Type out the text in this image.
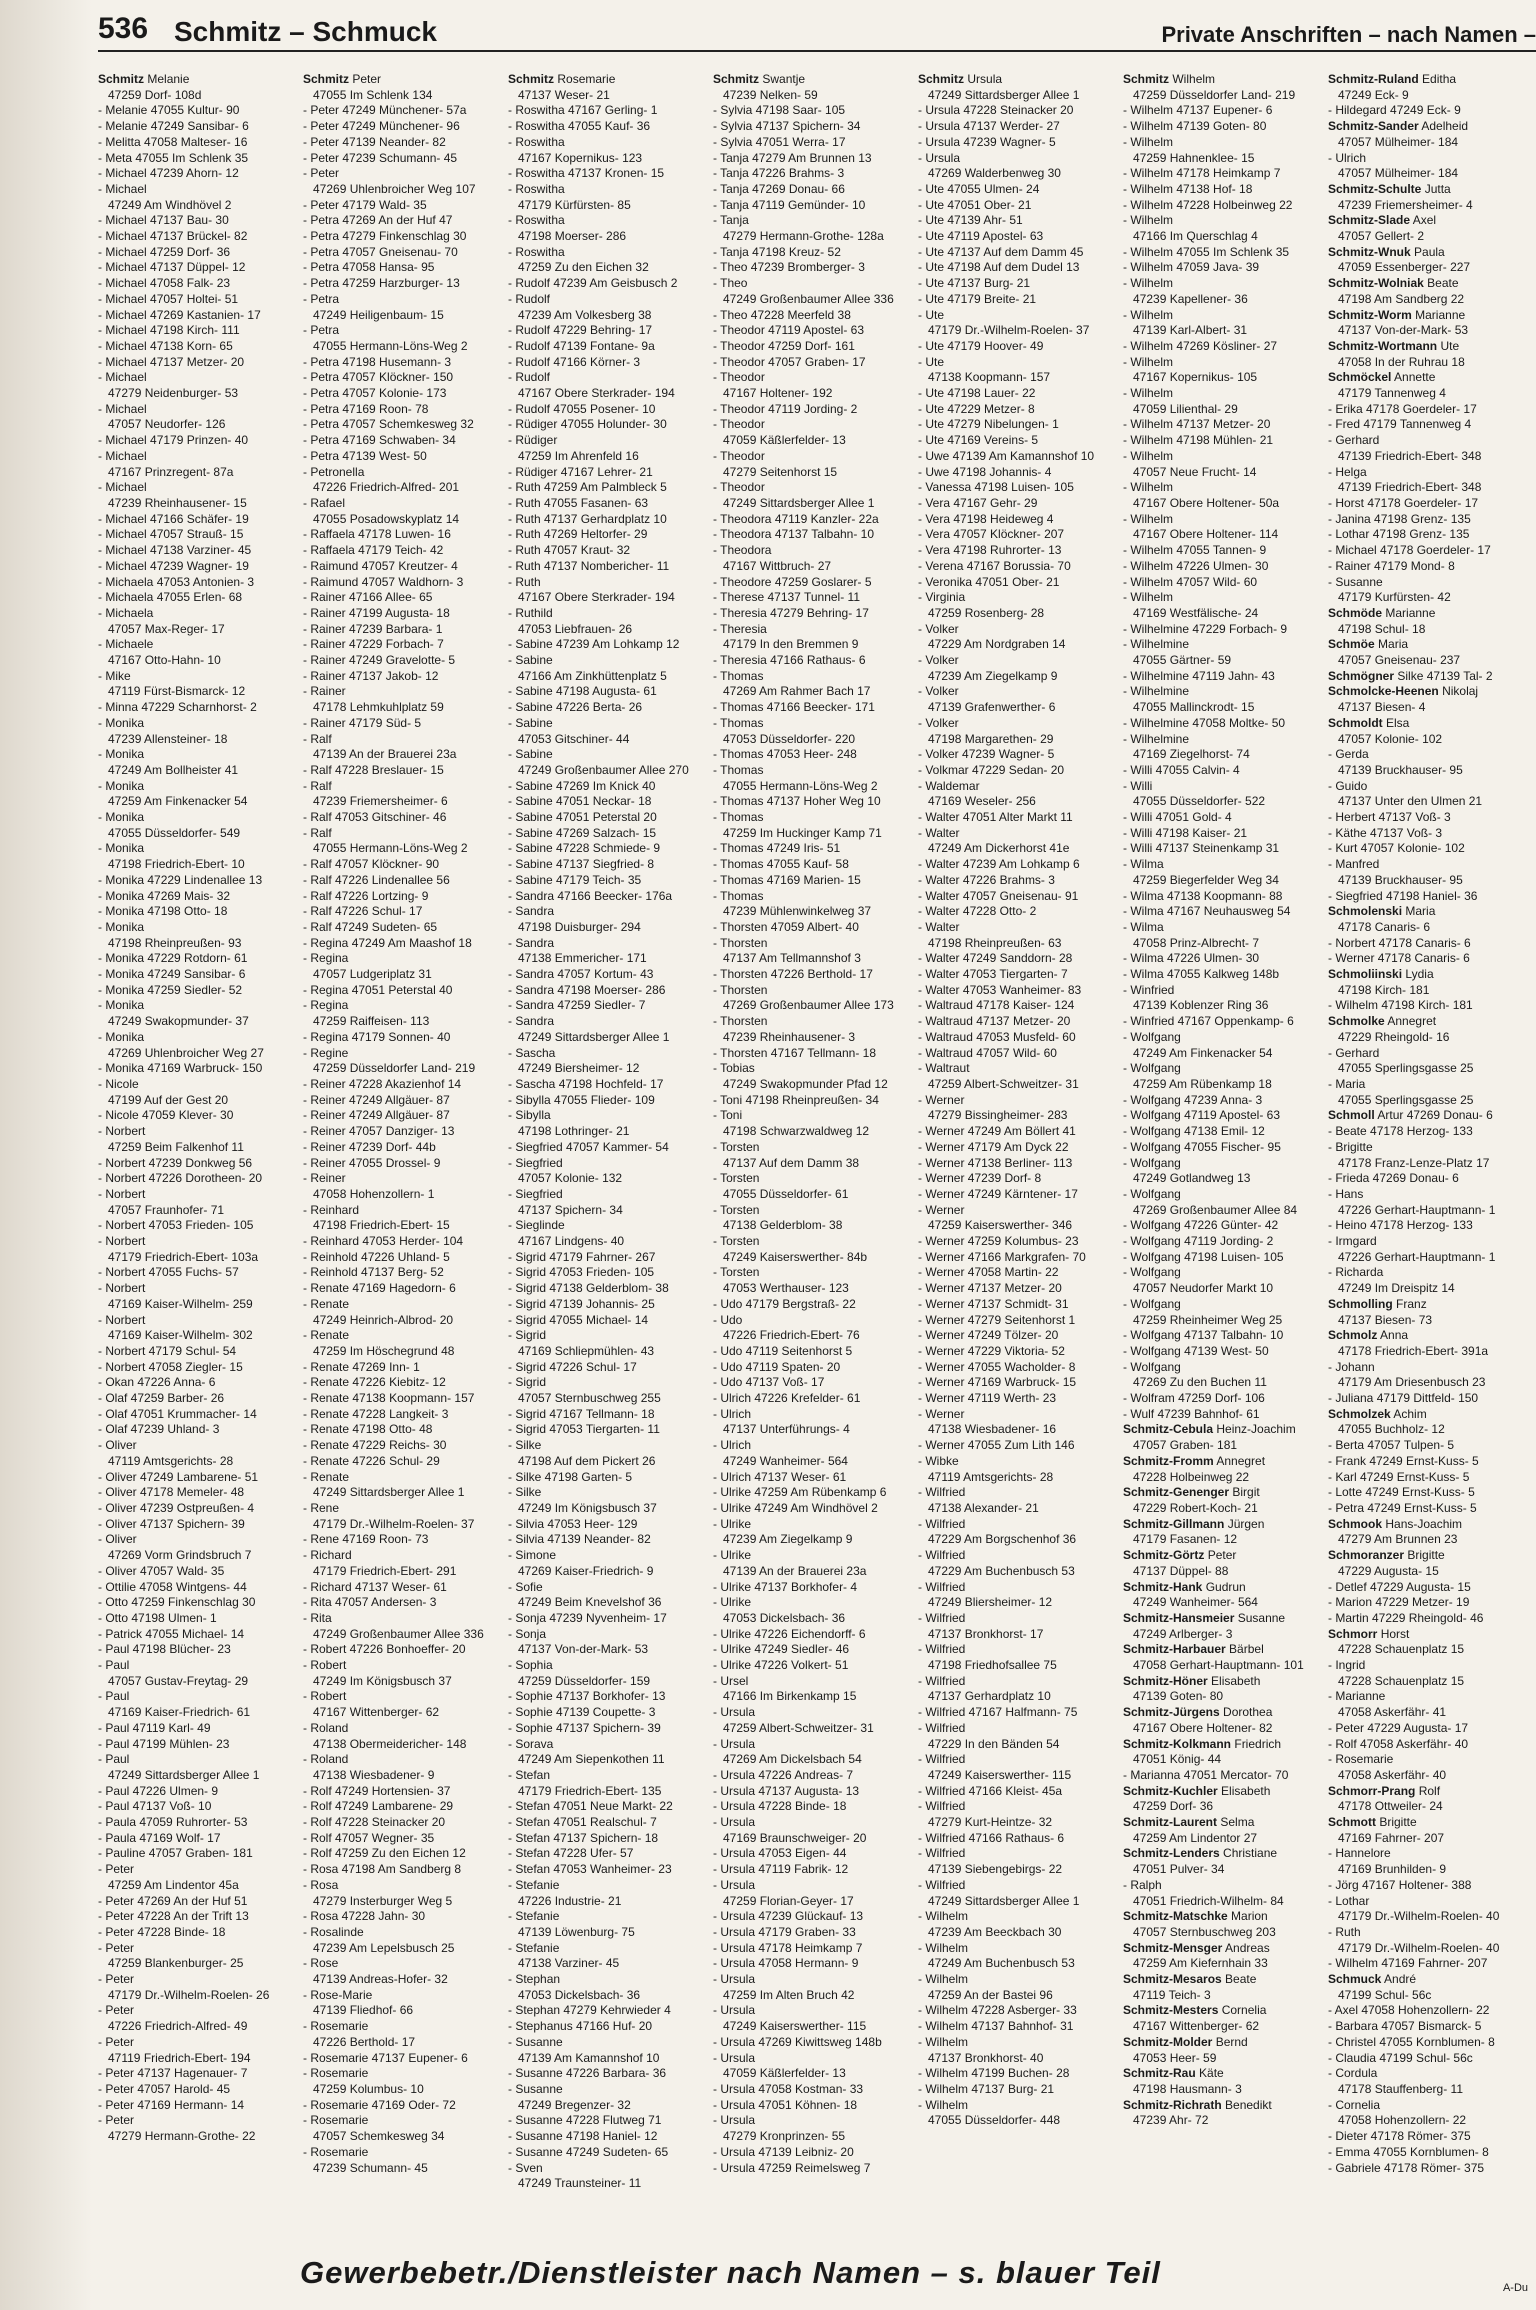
536 Schmitz – Schmuck	Private Anschriften – nach Namen –
Schmitz Melanie
47259 Dorf- 108d
- Melanie 47055 Kultur- 90
- Melanie 47249 Sansibar- 6
- Melitta 47058 Malteser- 16
- Meta 47055 Im Schlenk 35
- Michael 47239 Ahorn- 12
- Michael
47249 Am Windhövel 2
- Michael 47137 Bau- 30
- Michael 47137 Brückel- 82
- Michael 47259 Dorf- 36
- Michael 47137 Düppel- 12
- Michael 47058 Falk- 23
- Michael 47057 Holtei- 51
- Michael 47269 Kastanien- 17
- Michael 47198 Kirch- 111
- Michael 47138 Korn- 65
- Michael 47137 Metzer- 20
- Michael
47279 Neidenburger- 53
- Michael
47057 Neudorfer- 126
- Michael 47179 Prinzen- 40
- Michael
47167 Prinzregent- 87a
- Michael
47239 Rheinhausener- 15
- Michael 47166 Schäfer- 19
- Michael 47057 Strauß- 15
- Michael 47138 Varziner- 45
- Michael 47239 Wagner- 19
- Michaela 47053 Antonien- 3
- Michaela 47055 Erlen- 68
- Michaela
47057 Max-Reger- 17
- Michaele
47167 Otto-Hahn- 10
- Mike
47119 Fürst-Bismarck- 12
- Minna 47229 Scharnhorst- 2
- Monika
47239 Allensteiner- 18
- Monika
47249 Am Bollheister 41
- Monika
47259 Am Finkenacker 54
- Monika
47055 Düsseldorfer- 549
- Monika
47198 Friedrich-Ebert- 10
- Monika 47229 Lindenallee 13
- Monika 47269 Mais- 32
- Monika 47198 Otto- 18
- Monika
47198 Rheinpreußen- 93
- Monika 47229 Rotdorn- 61
- Monika 47249 Sansibar- 6
- Monika 47259 Siedler- 52
- Monika
47249 Swakopmunder- 37
- Monika
47269 Uhlenbroicher Weg 27
- Monika 47169 Warbruck- 150
- Nicole
47199 Auf der Gest 20
- Nicole 47059 Klever- 30
- Norbert
47259 Beim Falkenhof 11
- Norbert 47239 Donkweg 56
- Norbert 47226 Dorotheen- 20
- Norbert
47057 Fraunhofer- 71
- Norbert 47053 Frieden- 105
- Norbert
47179 Friedrich-Ebert- 103a
- Norbert 47055 Fuchs- 57
- Norbert
47169 Kaiser-Wilhelm- 259
- Norbert
47169 Kaiser-Wilhelm- 302
- Norbert 47179 Schul- 54
- Norbert 47058 Ziegler- 15
- Okan 47226 Anna- 6
- Olaf 47259 Barber- 26
- Olaf 47051 Krummacher- 14
- Olaf 47239 Uhland- 3
- Oliver
47119 Amtsgerichts- 28
- Oliver 47249 Lambarene- 51
- Oliver 47178 Memeler- 48
- Oliver 47239 Ostpreußen- 4
- Oliver 47137 Spichern- 39
- Oliver
47269 Vorm Grindsbruch 7
- Oliver 47057 Wald- 35
- Ottilie 47058 Wintgens- 44
- Otto 47259 Finkenschlag 30
- Otto 47198 Ulmen- 1
- Patrick 47055 Michael- 14
- Paul 47198 Blücher- 23
- Paul
47057 Gustav-Freytag- 29
- Paul
47169 Kaiser-Friedrich- 61
- Paul 47119 Karl- 49
- Paul 47199 Mühlen- 23
- Paul
47249 Sittardsberger Allee 1
- Paul 47226 Ulmen- 9
- Paul 47137 Voß- 10
- Paula 47059 Ruhrorter- 53
- Paula 47169 Wolf- 17
- Pauline 47057 Graben- 181
- Peter
47259 Am Lindentor 45a
- Peter 47269 An der Huf 51
- Peter 47228 An der Trift 13
- Peter 47228 Binde- 18
- Peter
47259 Blankenburger- 25
- Peter
47179 Dr.-Wilhelm-Roelen- 26
- Peter
47226 Friedrich-Alfred- 49
- Peter
47119 Friedrich-Ebert- 194
- Peter 47137 Hagenauer- 7
- Peter 47057 Harold- 45
- Peter 47169 Hermann- 14
- Peter
47279 Hermann-Grothe- 22
Schmitz Peter
47055 Im Schlenk 134
- Peter 47249 Münchener- 57a
- Peter 47249 Münchener- 96
- Peter 47139 Neander- 82
- Peter 47239 Schumann- 45
- Peter
47269 Uhlenbroicher Weg 107
- Peter 47179 Wald- 35
- Petra 47269 An der Huf 47
- Petra 47279 Finkenschlag 30
- Petra 47057 Gneisenau- 70
- Petra 47058 Hansa- 95
- Petra 47259 Harzburger- 13
- Petra
47249 Heiligenbaum- 15
- Petra
47055 Hermann-Löns-Weg 2
- Petra 47198 Husemann- 3
- Petra 47057 Klöckner- 150
- Petra 47057 Kolonie- 173
- Petra 47169 Roon- 78
- Petra 47057 Schemkesweg 32
- Petra 47169 Schwaben- 34
- Petra 47139 West- 50
- Petronella
47226 Friedrich-Alfred- 201
- Rafael
47055 Posadowskyplatz 14
- Raffaela 47178 Luwen- 16
- Raffaela 47179 Teich- 42
- Raimund 47057 Kreutzer- 4
- Raimund 47057 Waldhorn- 3
- Rainer 47166 Allee- 65
- Rainer 47199 Augusta- 18
- Rainer 47239 Barbara- 1
- Rainer 47229 Forbach- 7
- Rainer 47249 Gravelotte- 5
- Rainer 47137 Jakob- 12
- Rainer
47178 Lehmkuhlplatz 59
- Rainer 47179 Süd- 5
- Ralf
47139 An der Brauerei 23a
- Ralf 47228 Breslauer- 15
- Ralf
47239 Friemersheimer- 6
- Ralf 47053 Gitschiner- 46
- Ralf
47055 Hermann-Löns-Weg 2
- Ralf 47057 Klöckner- 90
- Ralf 47226 Lindenallee 56
- Ralf 47226 Lortzing- 9
- Ralf 47226 Schul- 17
- Ralf 47249 Sudeten- 65
- Regina 47249 Am Maashof 18
- Regina
47057 Ludgeriplatz 31
- Regina 47051 Peterstal 40
- Regina
47259 Raiffeisen- 113
- Regina 47179 Sonnen- 40
- Regine
47259 Düsseldorfer Land- 219
- Reiner 47228 Akazienhof 14
- Reiner 47249 Allgäuer- 87
- Reiner 47249 Allgäuer- 87
- Reiner 47057 Danziger- 13
- Reiner 47239 Dorf- 44b
- Reiner 47055 Drossel- 9
- Reiner
47058 Hohenzollern- 1
- Reinhard
47198 Friedrich-Ebert- 15
- Reinhard 47053 Herder- 104
- Reinhold 47226 Uhland- 5
- Reinhold 47137 Berg- 52
- Renate 47169 Hagedorn- 6
- Renate
47249 Heinrich-Albrod- 20
- Renate
47259 Im Höschegrund 48
- Renate 47269 Inn- 1
- Renate 47226 Kiebitz- 12
- Renate 47138 Koopmann- 157
- Renate 47228 Langkeit- 3
- Renate 47198 Otto- 48
- Renate 47229 Reichs- 30
- Renate 47226 Schul- 29
- Renate
47249 Sittardsberger Allee 1
- Rene
47179 Dr.-Wilhelm-Roelen- 37
- Rene 47169 Roon- 73
- Richard
47179 Friedrich-Ebert- 291
- Richard 47137 Weser- 61
- Rita 47057 Andersen- 3
- Rita
47249 Großenbaumer Allee 336
- Robert 47226 Bonhoeffer- 20
- Robert
47249 Im Königsbusch 37
- Robert
47167 Wittenberger- 62
- Roland
47138 Obermeidericher- 148
- Roland
47138 Wiesbadener- 9
- Rolf 47249 Hortensien- 37
- Rolf 47249 Lambarene- 29
- Rolf 47228 Steinacker 20
- Rolf 47057 Wegner- 35
- Rolf 47259 Zu den Eichen 12
- Rosa 47198 Am Sandberg 8
- Rosa
47279 Insterburger Weg 5
- Rosa 47228 Jahn- 30
- Rosalinde
47239 Am Lepelsbusch 25
- Rose
47139 Andreas-Hofer- 32
- Rose-Marie
47139 Fliedhof- 66
- Rosemarie
47226 Berthold- 17
- Rosemarie 47137 Eupener- 6
- Rosemarie
47259 Kolumbus- 10
- Rosemarie 47169 Oder- 72
- Rosemarie
47057 Schemkesweg 34
- Rosemarie
47239 Schumann- 45
Schmitz Rosemarie
47137 Weser- 21
- Roswitha 47167 Gerling- 1
- Roswitha 47055 Kauf- 36
- Roswitha
47167 Kopernikus- 123
- Roswitha 47137 Kronen- 15
- Roswitha
47179 Kürfürsten- 85
- Roswitha
47198 Moerser- 286
- Roswitha
47259 Zu den Eichen 32
- Rudolf 47239 Am Geisbusch 2
- Rudolf
47239 Am Volkesberg 38
- Rudolf 47229 Behring- 17
- Rudolf 47139 Fontane- 9a
- Rudolf 47166 Körner- 3
- Rudolf
47167 Obere Sterkrader- 194
- Rudolf 47055 Posener- 10
- Rüdiger 47055 Holunder- 30
- Rüdiger
47259 Im Ahrenfeld 16
- Rüdiger 47167 Lehrer- 21
- Ruth 47259 Am Palmbleck 5
- Ruth 47055 Fasanen- 63
- Ruth 47137 Gerhardplatz 10
- Ruth 47269 Heltorfer- 29
- Ruth 47057 Kraut- 32
- Ruth 47137 Nombericher- 11
- Ruth
47167 Obere Sterkrader- 194
- Ruthild
47053 Liebfrauen- 26
- Sabine 47239 Am Lohkamp 12
- Sabine
47166 Am Zinkhüttenplatz 5
- Sabine 47198 Augusta- 61
- Sabine 47226 Berta- 26
- Sabine
47053 Gitschiner- 44
- Sabine
47249 Großenbaumer Allee 270
- Sabine 47269 Im Knick 40
- Sabine 47051 Neckar- 18
- Sabine 47051 Peterstal 20
- Sabine 47269 Salzach- 15
- Sabine 47228 Schmiede- 9
- Sabine 47137 Siegfried- 8
- Sabine 47179 Teich- 35
- Sandra 47166 Beecker- 176a
- Sandra
47198 Duisburger- 294
- Sandra
47138 Emmericher- 171
- Sandra 47057 Kortum- 43
- Sandra 47198 Moerser- 286
- Sandra 47259 Siedler- 7
- Sandra
47249 Sittardsberger Allee 1
- Sascha
47249 Biersheimer- 12
- Sascha 47198 Hochfeld- 17
- Sibylla 47055 Flieder- 109
- Sibylla
47198 Lothringer- 21
- Siegfried 47057 Kammer- 54
- Siegfried
47057 Kolonie- 132
- Siegfried
47137 Spichern- 34
- Sieglinde
47167 Lindgens- 40
- Sigrid 47179 Fahrner- 267
- Sigrid 47053 Frieden- 105
- Sigrid 47138 Gelderblom- 38
- Sigrid 47139 Johannis- 25
- Sigrid 47055 Michael- 14
- Sigrid
47169 Schliepmühlen- 43
- Sigrid 47226 Schul- 17
- Sigrid
47057 Sternbuschweg 255
- Sigrid 47167 Tellmann- 18
- Sigrid 47053 Tiergarten- 11
- Silke
47198 Auf dem Pickert 26
- Silke 47198 Garten- 5
- Silke
47249 Im Königsbusch 37
- Silvia 47053 Heer- 129
- Silvia 47139 Neander- 82
- Simone
47269 Kaiser-Friedrich- 9
- Sofie
47249 Beim Knevelshof 36
- Sonja 47239 Nyvenheim- 17
- Sonja
47137 Von-der-Mark- 53
- Sophia
47259 Düsseldorfer- 159
- Sophie 47137 Borkhofer- 13
- Sophie 47139 Coupette- 3
- Sophie 47137 Spichern- 39
- Sorava
47249 Am Siepenkothen 11
- Stefan
47179 Friedrich-Ebert- 135
- Stefan 47051 Neue Markt- 22
- Stefan 47051 Realschul- 7
- Stefan 47137 Spichern- 18
- Stefan 47228 Ufer- 57
- Stefan 47053 Wanheimer- 23
- Stefanie
47226 Industrie- 21
- Stefanie
47139 Löwenburg- 75
- Stefanie
47138 Varziner- 45
- Stephan
47053 Dickelsbach- 36
- Stephan 47279 Kehrwieder 4
- Stephanus 47166 Huf- 20
- Susanne
47139 Am Kamannshof 10
- Susanne 47226 Barbara- 36
- Susanne
47249 Bregenzer- 32
- Susanne 47228 Flutweg 71
- Susanne 47198 Haniel- 12
- Susanne 47249 Sudeten- 65
- Sven
47249 Traunsteiner- 11
Schmitz Swantje
47239 Nelken- 59
- Sylvia 47198 Saar- 105
- Sylvia 47137 Spichern- 34
- Sylvia 47051 Werra- 17
- Tanja 47279 Am Brunnen 13
- Tanja 47226 Brahms- 3
- Tanja 47269 Donau- 66
- Tanja 47119 Gemünder- 10
- Tanja
47279 Hermann-Grothe- 128a
- Tanja 47198 Kreuz- 52
- Theo 47239 Bromberger- 3
- Theo
47249 Großenbaumer Allee 336
- Theo 47228 Meerfeld 38
- Theodor 47119 Apostel- 63
- Theodor 47259 Dorf- 161
- Theodor 47057 Graben- 17
- Theodor
47167 Holtener- 192
- Theodor 47119 Jording- 2
- Theodor
47059 Käßlerfelder- 13
- Theodor
47279 Seitenhorst 15
- Theodor
47249 Sittardsberger Allee 1
- Theodora 47119 Kanzler- 22a
- Theodora 47137 Talbahn- 10
- Theodora
47167 Wittbruch- 27
- Theodore 47259 Goslarer- 5
- Therese 47137 Tunnel- 11
- Theresia 47279 Behring- 17
- Theresia
47179 In den Bremmen 9
- Theresia 47166 Rathaus- 6
- Thomas
47269 Am Rahmer Bach 17
- Thomas 47166 Beecker- 171
- Thomas
47053 Düsseldorfer- 220
- Thomas 47053 Heer- 248
- Thomas
47055 Hermann-Löns-Weg 2
- Thomas 47137 Hoher Weg 10
- Thomas
47259 Im Huckinger Kamp 71
- Thomas 47249 Iris- 51
- Thomas 47055 Kauf- 58
- Thomas 47169 Marien- 15
- Thomas
47239 Mühlenwinkelweg 37
- Thorsten 47059 Albert- 40
- Thorsten
47137 Am Tellmannshof 3
- Thorsten 47226 Berthold- 17
- Thorsten
47269 Großenbaumer Allee 173
- Thorsten
47239 Rheinhausener- 3
- Thorsten 47167 Tellmann- 18
- Tobias
47249 Swakopmunder Pfad 12
- Toni 47198 Rheinpreußen- 34
- Toni
47198 Schwarzwaldweg 12
- Torsten
47137 Auf dem Damm 38
- Torsten
47055 Düsseldorfer- 61
- Torsten
47138 Gelderblom- 38
- Torsten
47249 Kaiserswerther- 84b
- Torsten
47053 Werthauser- 123
- Udo 47179 Bergstraß- 22
- Udo
47226 Friedrich-Ebert- 76
- Udo 47119 Seitenhorst 5
- Udo 47119 Spaten- 20
- Udo 47137 Voß- 17
- Ulrich 47226 Krefelder- 61
- Ulrich
47137 Unterführungs- 4
- Ulrich
47249 Wanheimer- 564
- Ulrich 47137 Weser- 61
- Ulrike 47259 Am Rübenkamp 6
- Ulrike 47249 Am Windhövel 2
- Ulrike
47239 Am Ziegelkamp 9
- Ulrike
47139 An der Brauerei 23a
- Ulrike 47137 Borkhofer- 4
- Ulrike
47053 Dickelsbach- 36
- Ulrike 47226 Eichendorff- 6
- Ulrike 47249 Siedler- 46
- Ulrike 47226 Volkert- 51
- Ursel
47166 Im Birkenkamp 15
- Ursula
47259 Albert-Schweitzer- 31
- Ursula
47269 Am Dickelsbach 54
- Ursula 47226 Andreas- 7
- Ursula 47137 Augusta- 13
- Ursula 47228 Binde- 18
- Ursula
47169 Braunschweiger- 20
- Ursula 47053 Eigen- 44
- Ursula 47119 Fabrik- 12
- Ursula
47259 Florian-Geyer- 17
- Ursula 47239 Glückauf- 13
- Ursula 47179 Graben- 33
- Ursula 47178 Heimkamp 7
- Ursula 47058 Hermann- 9
- Ursula
47259 Im Alten Bruch 42
- Ursula
47249 Kaiserswerther- 115
- Ursula 47269 Kiwittsweg 148b
- Ursula
47059 Käßlerfelder- 13
- Ursula 47058 Kostman- 33
- Ursula 47051 Köhnen- 18
- Ursula
47279 Kronprinzen- 55
- Ursula 47139 Leibniz- 20
- Ursula 47259 Reimelsweg 7
Schmitz Ursula
47249 Sittardsberger Allee 1
- Ursula 47228 Steinacker 20
- Ursula 47137 Werder- 27
- Ursula 47239 Wagner- 5
- Ursula
47269 Walderbenweg 30
- Ute 47055 Ulmen- 24
- Ute 47051 Ober- 21
- Ute 47139 Ahr- 51
- Ute 47119 Apostel- 63
- Ute 47137 Auf dem Damm 45
- Ute 47198 Auf dem Dudel 13
- Ute 47137 Burg- 21
- Ute 47179 Breite- 21
- Ute
47179 Dr.-Wilhelm-Roelen- 37
- Ute 47179 Hoover- 49
- Ute
47138 Koopmann- 157
- Ute 47198 Lauer- 22
- Ute 47229 Metzer- 8
- Ute 47279 Nibelungen- 1
- Ute 47169 Vereins- 5
- Uwe 47139 Am Kamannshof 10
- Uwe 47198 Johannis- 4
- Vanessa 47198 Luisen- 105
- Vera 47167 Gehr- 29
- Vera 47198 Heideweg 4
- Vera 47057 Klöckner- 207
- Vera 47198 Ruhrorter- 13
- Verena 47167 Borussia- 70
- Veronika 47051 Ober- 21
- Virginia
47259 Rosenberg- 28
- Volker
47229 Am Nordgraben 14
- Volker
47239 Am Ziegelkamp 9
- Volker
47139 Grafenwerther- 6
- Volker
47198 Margarethen- 29
- Volker 47239 Wagner- 5
- Volkmar 47229 Sedan- 20
- Waldemar
47169 Weseler- 256
- Walter 47051 Alter Markt 11
- Walter
47249 Am Dickerhorst 41e
- Walter 47239 Am Lohkamp 6
- Walter 47226 Brahms- 3
- Walter 47057 Gneisenau- 91
- Walter 47228 Otto- 2
- Walter
47198 Rheinpreußen- 63
- Walter 47249 Sanddorn- 28
- Walter 47053 Tiergarten- 7
- Walter 47053 Wanheimer- 83
- Waltraud 47178 Kaiser- 124
- Waltraud 47137 Metzer- 20
- Waltraud 47053 Musfeld- 60
- Waltraud 47057 Wild- 60
- Waltraut
47259 Albert-Schweitzer- 31
- Werner
47279 Bissingheimer- 283
- Werner 47249 Am Böllert 41
- Werner 47179 Am Dyck 22
- Werner 47138 Berliner- 113
- Werner 47239 Dorf- 8
- Werner 47249 Kärntener- 17
- Werner
47259 Kaiserswerther- 346
- Werner 47259 Kolumbus- 23
- Werner 47166 Markgrafen- 70
- Werner 47058 Martin- 22
- Werner 47137 Metzer- 20
- Werner 47137 Schmidt- 31
- Werner 47279 Seitenhorst 1
- Werner 47249 Tölzer- 20
- Werner 47229 Viktoria- 52
- Werner 47055 Wacholder- 8
- Werner 47169 Warbruck- 15
- Werner 47119 Werth- 23
- Werner
47138 Wiesbadener- 16
- Werner 47055 Zum Lith 146
- Wibke
47119 Amtsgerichts- 28
- Wilfried
47138 Alexander- 21
- Wilfried
47229 Am Borgschenhof 36
- Wilfried
47229 Am Buchenbusch 53
- Wilfried
47249 Bliersheimer- 12
- Wilfried
47137 Bronkhorst- 17
- Wilfried
47198 Friedhofsallee 75
- Wilfried
47137 Gerhardplatz 10
- Wilfried 47167 Halfmann- 75
- Wilfried
47229 In den Bänden 54
- Wilfried
47249 Kaiserswerther- 115
- Wilfried 47166 Kleist- 45a
- Wilfried
47279 Kurt-Heintze- 32
- Wilfried 47166 Rathaus- 6
- Wilfried
47139 Siebengebirgs- 22
- Wilfried
47249 Sittardsberger Allee 1
- Wilhelm
47239 Am Beeckbach 30
- Wilhelm
47249 Am Buchenbusch 53
- Wilhelm
47259 An der Bastei 96
- Wilhelm 47228 Asberger- 33
- Wilhelm 47137 Bahnhof- 31
- Wilhelm
47137 Bronkhorst- 40
- Wilhelm 47199 Buchen- 28
- Wilhelm 47137 Burg- 21
- Wilhelm
47055 Düsseldorfer- 448
Schmitz Wilhelm
47259 Düsseldorfer Land- 219
- Wilhelm 47137 Eupener- 6
- Wilhelm 47139 Goten- 80
- Wilhelm
47259 Hahnenklee- 15
- Wilhelm 47178 Heimkamp 7
- Wilhelm 47138 Hof- 18
- Wilhelm 47228 Holbeinweg 22
- Wilhelm
47166 Im Querschlag 4
- Wilhelm 47055 Im Schlenk 35
- Wilhelm 47059 Java- 39
- Wilhelm
47239 Kapellener- 36
- Wilhelm
47139 Karl-Albert- 31
- Wilhelm 47269 Kösliner- 27
- Wilhelm
47167 Kopernikus- 105
- Wilhelm
47059 Lilienthal- 29
- Wilhelm 47137 Metzer- 20
- Wilhelm 47198 Mühlen- 21
- Wilhelm
47057 Neue Frucht- 14
- Wilhelm
47167 Obere Holtener- 50a
- Wilhelm
47167 Obere Holtener- 114
- Wilhelm 47055 Tannen- 9
- Wilhelm 47226 Ulmen- 30
- Wilhelm 47057 Wild- 60
- Wilhelm
47169 Westfälische- 24
- Wilhelmine 47229 Forbach- 9
- Wilhelmine
47055 Gärtner- 59
- Wilhelmine 47119 Jahn- 43
- Wilhelmine
47055 Mallinckrodt- 15
- Wilhelmine 47058 Moltke- 50
- Wilhelmine
47169 Ziegelhorst- 74
- Willi 47055 Calvin- 4
- Willi
47055 Düsseldorfer- 522
- Willi 47051 Gold- 4
- Willi 47198 Kaiser- 21
- Willi 47137 Steinenkamp 31
- Wilma
47259 Biegerfelder Weg 34
- Wilma 47138 Koopmann- 88
- Wilma 47167 Neuhausweg 54
- Wilma
47058 Prinz-Albrecht- 7
- Wilma 47226 Ulmen- 30
- Wilma 47055 Kalkweg 148b
- Winfried
47139 Koblenzer Ring 36
- Winfried 47167 Oppenkamp- 6
- Wolfgang
47249 Am Finkenacker 54
- Wolfgang
47259 Am Rübenkamp 18
- Wolfgang 47239 Anna- 3
- Wolfgang 47119 Apostel- 63
- Wolfgang 47138 Emil- 12
- Wolfgang 47055 Fischer- 95
- Wolfgang
47249 Gotlandweg 13
- Wolfgang
47269 Großenbaumer Allee 84
- Wolfgang 47226 Günter- 42
- Wolfgang 47119 Jording- 2
- Wolfgang 47198 Luisen- 105
- Wolfgang
47057 Neudorfer Markt 10
- Wolfgang
47259 Rheinheimer Weg 25
- Wolfgang 47137 Talbahn- 10
- Wolfgang 47139 West- 50
- Wolfgang
47269 Zu den Buchen 11
- Wolfram 47259 Dorf- 106
- Wulf 47239 Bahnhof- 61
Schmitz-Cebula Heinz-Joachim
47057 Graben- 181
Schmitz-Fromm Annegret
47228 Holbeinweg 22
Schmitz-Genenger Birgit
47229 Robert-Koch- 21
Schmitz-Gillmann Jürgen
47179 Fasanen- 12
Schmitz-Görtz Peter
47137 Düppel- 88
Schmitz-Hank Gudrun
47249 Wanheimer- 564
Schmitz-Hansmeier Susanne
47249 Arlberger- 3
Schmitz-Harbauer Bärbel
47058 Gerhart-Hauptmann- 101
Schmitz-Höner Elisabeth
47139 Goten- 80
Schmitz-Jürgens Dorothea
47167 Obere Holtener- 82
Schmitz-Kolkmann Friedrich
47051 König- 44
- Marianna 47051 Mercator- 70
Schmitz-Kuchler Elisabeth
47259 Dorf- 36
Schmitz-Laurent Selma
47259 Am Lindentor 27
Schmitz-Lenders Christiane
47051 Pulver- 34
- Ralph
47051 Friedrich-Wilhelm- 84
Schmitz-Matschke Marion
47057 Sternbuschweg 203
Schmitz-Mensger Andreas
47259 Am Kiefernhain 33
Schmitz-Mesaros Beate
47119 Teich- 3
Schmitz-Mesters Cornelia
47167 Wittenberger- 62
Schmitz-Molder Bernd
47053 Heer- 59
Schmitz-Rau Käte
47198 Hausmann- 3
Schmitz-Richrath Benedikt
47239 Ahr- 72
Schmitz-Ruland Editha
47249 Eck- 9
- Hildegard 47249 Eck- 9
Schmitz-Sander Adelheid
47057 Mülheimer- 184
- Ulrich
47057 Mülheimer- 184
Schmitz-Schulte Jutta
47239 Friemersheimer- 4
Schmitz-Slade Axel
47057 Gellert- 2
Schmitz-Wnuk Paula
47059 Essenberger- 227
Schmitz-Wolniak Beate
47198 Am Sandberg 22
Schmitz-Worm Marianne
47137 Von-der-Mark- 53
Schmitz-Wortmann Ute
47058 In der Ruhrau 18
Schmöckel Annette
47179 Tannenweg 4
- Erika 47178 Goerdeler- 17
- Fred 47179 Tannenweg 4
- Gerhard
47139 Friedrich-Ebert- 348
- Helga
47139 Friedrich-Ebert- 348
- Horst 47178 Goerdeler- 17
- Janina 47198 Grenz- 135
- Lothar 47198 Grenz- 135
- Michael 47178 Goerdeler- 17
- Rainer 47179 Mond- 8
- Susanne
47179 Kurfürsten- 42
Schmöde Marianne
47198 Schul- 18
Schmöe Maria
47057 Gneisenau- 237
Schmögner Silke 47139 Tal- 2
Schmolcke-Heenen Nikolaj
47137 Biesen- 4
Schmoldt Elsa
47057 Kolonie- 102
- Gerda
47139 Bruckhauser- 95
- Guido
47137 Unter den Ulmen 21
- Herbert 47137 Voß- 3
- Käthe 47137 Voß- 3
- Kurt 47057 Kolonie- 102
- Manfred
47139 Bruckhauser- 95
- Siegfried 47198 Haniel- 36
Schmolenski Maria
47178 Canaris- 6
- Norbert 47178 Canaris- 6
- Werner 47178 Canaris- 6
Schmoliinski Lydia
47198 Kirch- 181
- Wilhelm 47198 Kirch- 181
Schmolke Annegret
47229 Rheingold- 16
- Gerhard
47055 Sperlingsgasse 25
- Maria
47055 Sperlingsgasse 25
Schmoll Artur 47269 Donau- 6
- Beate 47178 Herzog- 133
- Brigitte
47178 Franz-Lenze-Platz 17
- Frieda 47269 Donau- 6
- Hans
47226 Gerhart-Hauptmann- 1
- Heino 47178 Herzog- 133
- Irmgard
47226 Gerhart-Hauptmann- 1
- Richarda
47249 Im Dreispitz 14
Schmolling Franz
47137 Biesen- 73
Schmolz Anna
47178 Friedrich-Ebert- 391a
- Johann
47179 Am Driesenbusch 23
- Juliana 47179 Dittfeld- 150
Schmolzek Achim
47055 Buchholz- 12
- Berta 47057 Tulpen- 5
- Frank 47249 Ernst-Kuss- 5
- Karl 47249 Ernst-Kuss- 5
- Lotte 47249 Ernst-Kuss- 5
- Petra 47249 Ernst-Kuss- 5
Schmook Hans-Joachim
47279 Am Brunnen 23
Schmoranzer Brigitte
47229 Augusta- 15
- Detlef 47229 Augusta- 15
- Marion 47229 Metzer- 19
- Martin 47229 Rheingold- 46
Schmorr Horst
47228 Schauenplatz 15
- Ingrid
47228 Schauenplatz 15
- Marianne
47058 Askerfähr- 41
- Peter 47229 Augusta- 17
- Rolf 47058 Askerfähr- 40
- Rosemarie
47058 Askerfähr- 40
Schmorr-Prang Rolf
47178 Ottweiler- 24
Schmott Brigitte
47169 Fahrner- 207
- Hannelore
47169 Brunhilden- 9
- Jörg 47167 Holtener- 388
- Lothar
47179 Dr.-Wilhelm-Roelen- 40
- Ruth
47179 Dr.-Wilhelm-Roelen- 40
- Wilhelm 47169 Fahrner- 207
Schmuck André
47199 Schul- 56c
- Axel 47058 Hohenzollern- 22
- Barbara 47057 Bismarck- 5
- Christel 47055 Kornblumen- 8
- Claudia 47199 Schul- 56c
- Cordula
47178 Stauffenberg- 11
- Cornelia
47058 Hohenzollern- 22
- Dieter 47178 Römer- 375
- Emma 47055 Kornblumen- 8
- Gabriele 47178 Römer- 375
Gewerbebetr./Dienstleister nach Namen – s. blauer Teil	A-Du
